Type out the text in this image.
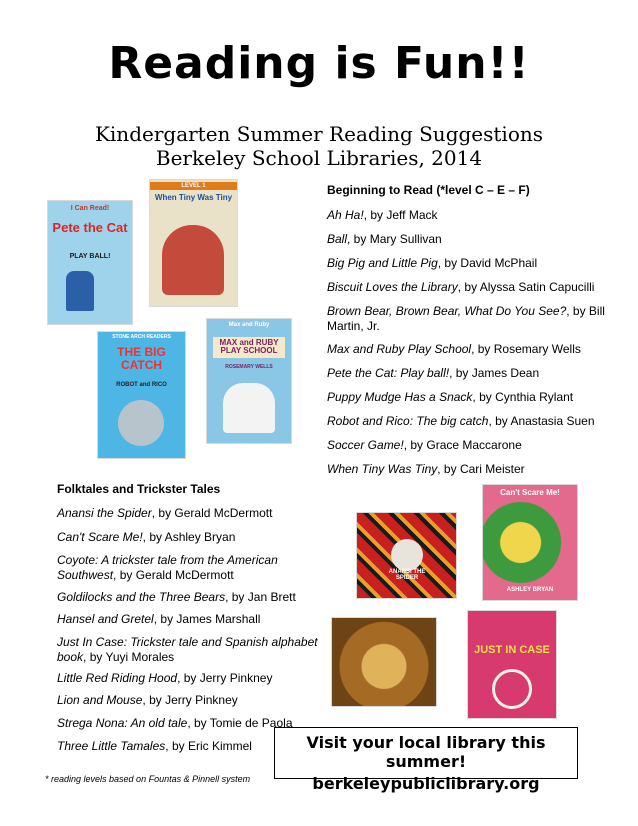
Reading is Fun!!
Kindergarten Summer Reading Suggestions
Berkeley School Libraries, 2014
I Can Read!
Pete the Cat
PLAY BALL!
LEVEL 1
When Tiny Was Tiny
STONE ARCH READERS
THE BIG CATCH
ROBOT and RICO
Max and Ruby
MAX and RUBY PLAY SCHOOL
ROSEMARY WELLS
Beginning to Read (*level C – E – F)
Ah Ha!, by Jeff Mack
Ball, by Mary Sullivan
Big Pig and Little Pig, by David McPhail
Biscuit Loves the Library, by Alyssa Satin Capucilli
Brown Bear, Brown Bear, What Do You See?, by Bill Martin, Jr.
Max and Ruby Play School, by Rosemary Wells
Pete the Cat: Play ball!, by James Dean
Puppy Mudge Has a Snack, by Cynthia Rylant
Robot and Rico: The big catch, by Anastasia Suen
Soccer Game!, by Grace Maccarone
When Tiny Was Tiny, by Cari Meister
Folktales and Trickster Tales
Anansi the Spider, by Gerald McDermott
Can't Scare Me!, by Ashley Bryan
Coyote: A trickster tale from the American Southwest, by Gerald McDermott
Goldilocks and the Three Bears, by Jan Brett
Hansel and Gretel, by James Marshall
Just In Case: Trickster tale and Spanish alphabet book, by Yuyi Morales
Little Red Riding Hood, by Jerry Pinkney
Lion and Mouse, by Jerry Pinkney
Strega Nona: An old tale, by Tomie de Paola
Three Little Tamales, by Eric Kimmel
ANANSI THE SPIDER
Can't Scare Me!
ASHLEY BRYAN
JUST IN CASE
Visit your local library this summer!
berkeleypubliclibrary.org
* reading levels based on Fountas & Pinnell system
